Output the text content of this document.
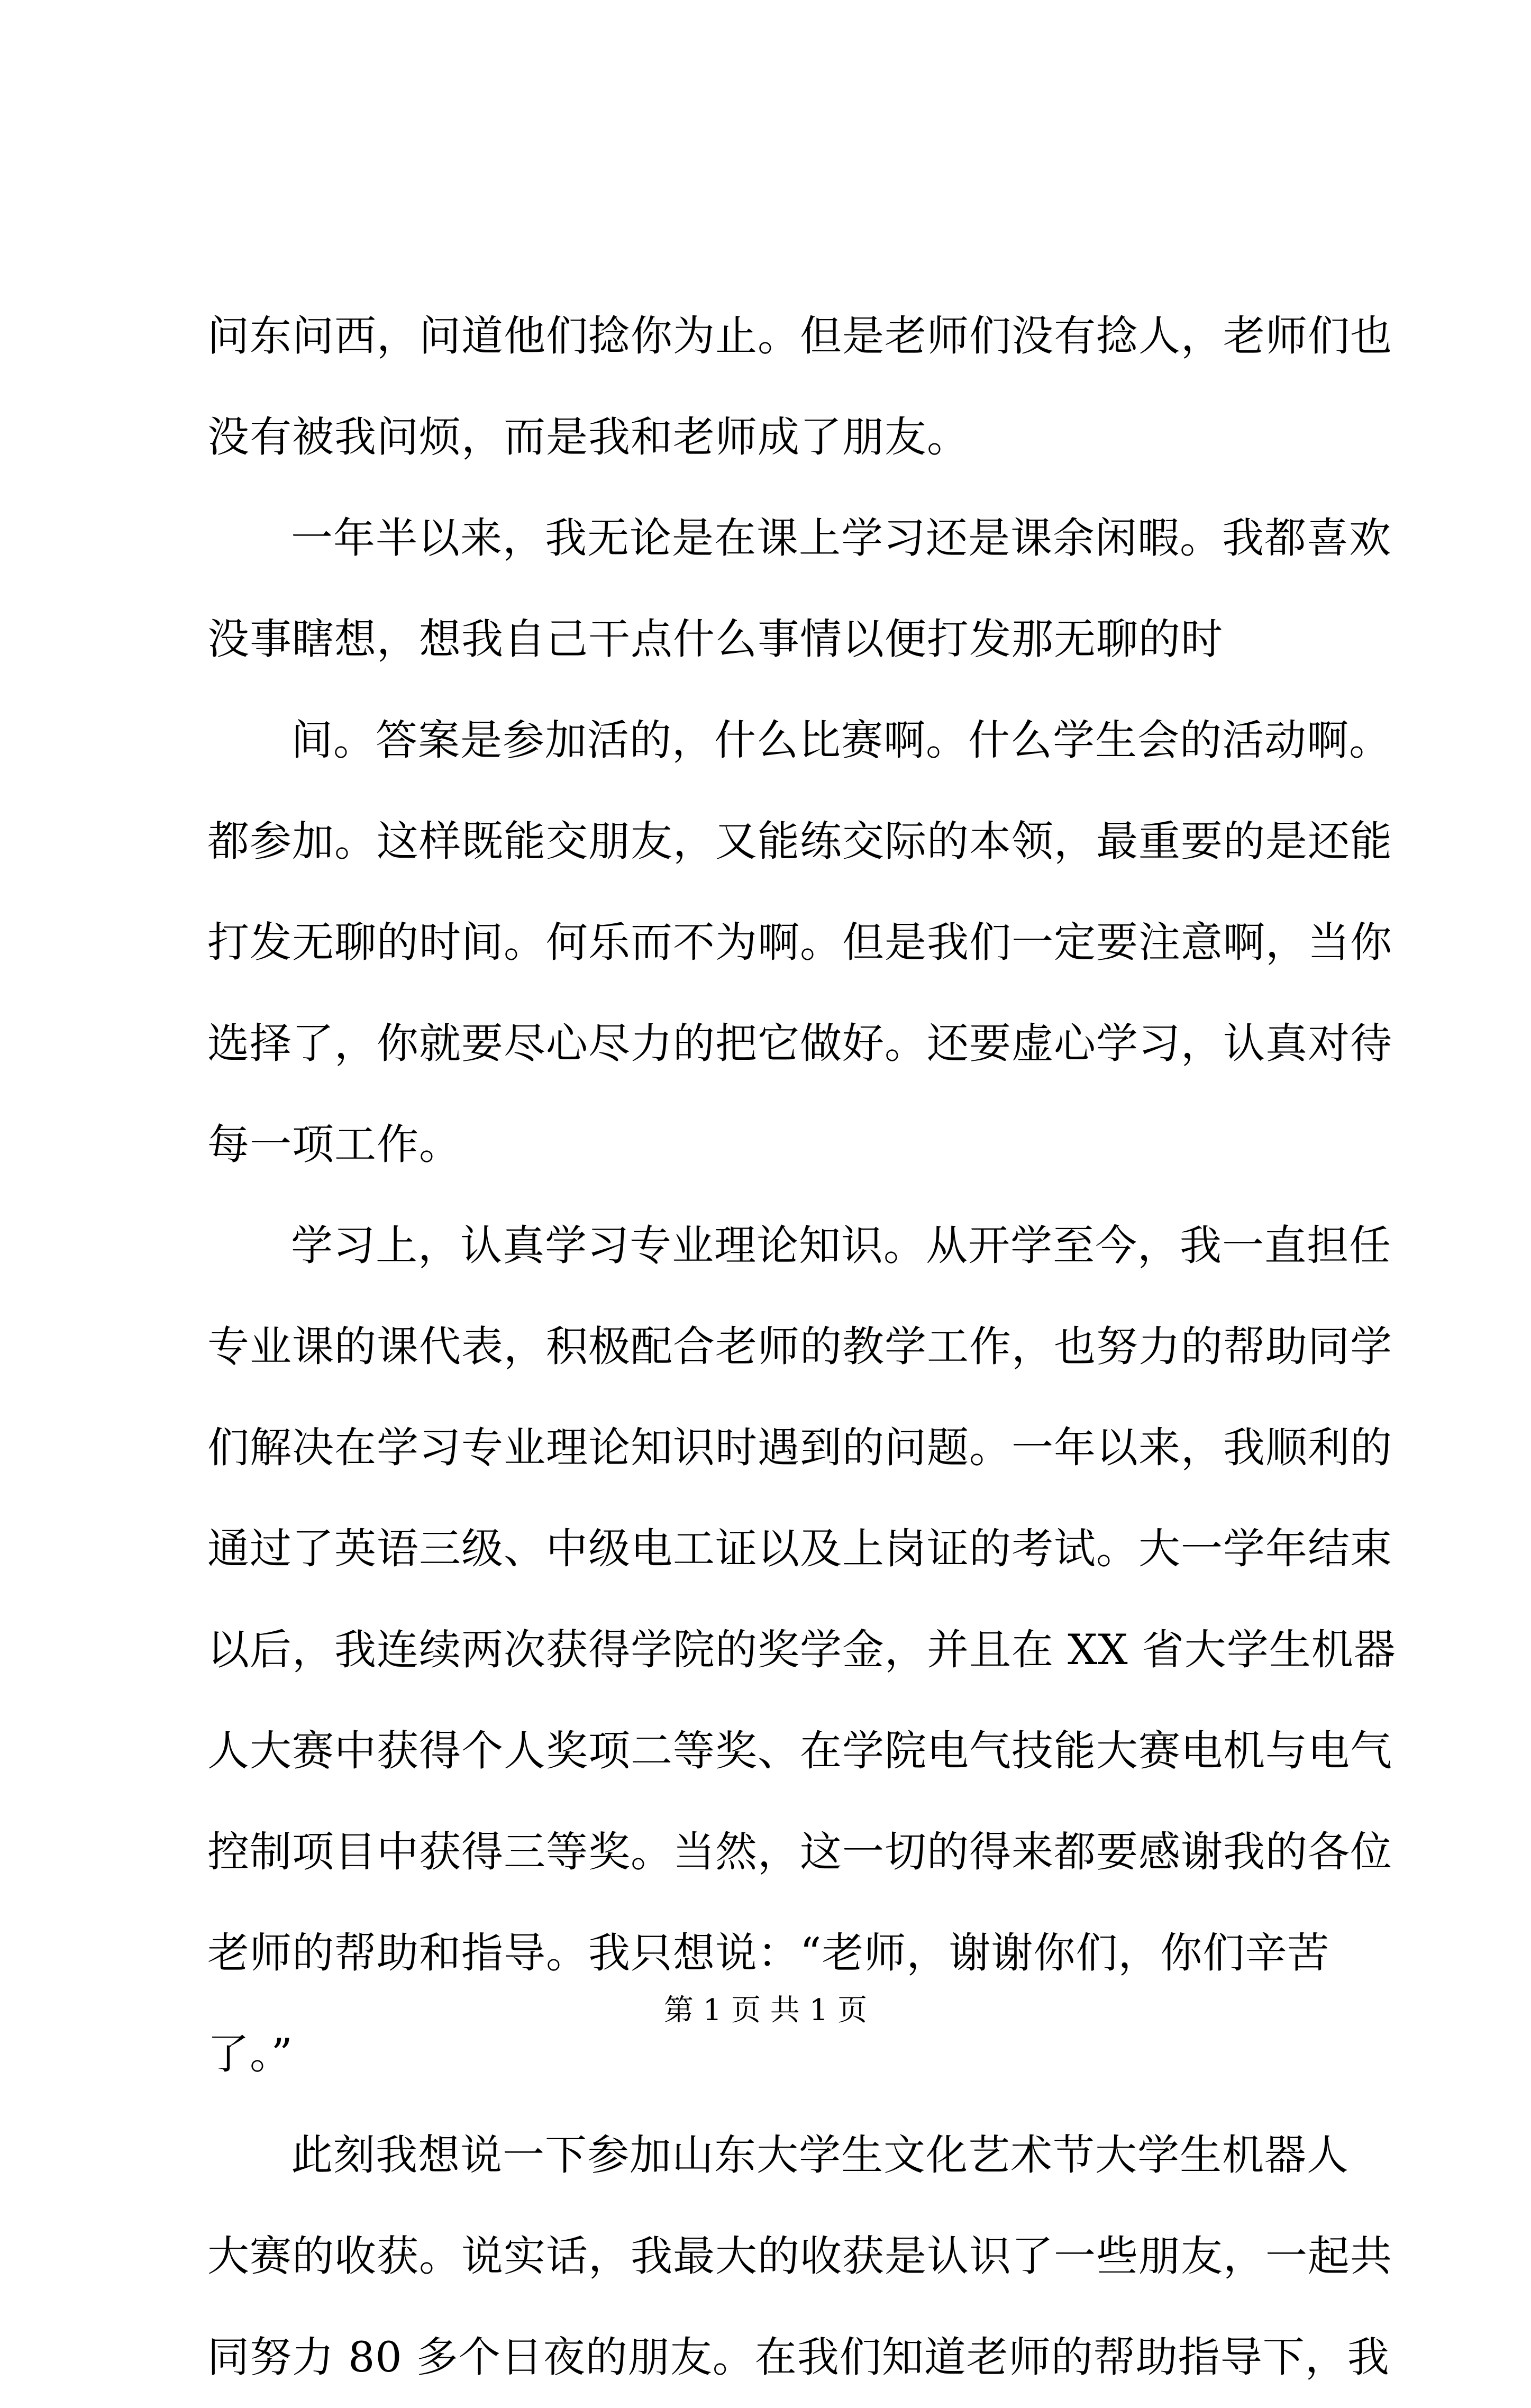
问东问西，问道他们捻你为止。但是老师们没有捻人，老师们也
没有被我问烦，而是我和老师成了朋友。
一年半以来，我无论是在课上学习还是课余闲暇。我都喜欢
没事瞎想，想我自己干点什么事情以便打发那无聊的时
间。答案是参加活的，什么比赛啊。什么学生会的活动啊。
都参加。这样既能交朋友，又能练交际的本领，最重要的是还能
打发无聊的时间。何乐而不为啊。但是我们一定要注意啊，当你
选择了，你就要尽心尽力的把它做好。还要虚心学习，认真对待
每一项工作。
学习上，认真学习专业理论知识。从开学至今，我一直担任
专业课的课代表，积极配合老师的教学工作，也努力的帮助同学
们解决在学习专业理论知识时遇到的问题。一年以来，我顺利的
通过了英语三级、中级电工证以及上岗证的考试。大一学年结束
以后，我连续两次获得学院的奖学金，并且在 XX 省大学生机器
人大赛中获得个人奖项二等奖、在学院电气技能大赛电机与电气
控制项目中获得三等奖。当然，这一切的得来都要感谢我的各位
老师的帮助和指导。我只想说：“老师，谢谢你们，你们辛苦
了。”
此刻我想说一下参加山东大学生文化艺术节大学生机器人
大赛的收获。说实话，我最大的收获是认识了一些朋友，一起共
同努力 80 多个日夜的朋友。在我们知道老师的帮助指导下，我
第 1 页 共 1 页
